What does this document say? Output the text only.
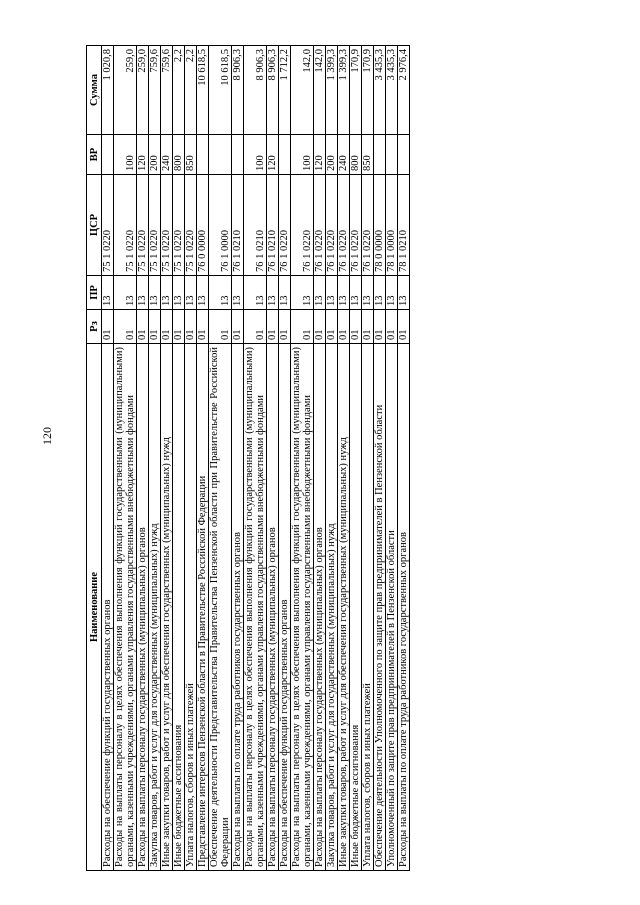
120
Наименование	Рз	ПР	ЦСР	ВР	Сумма
Расходы на обеспечение функций государственных органов	01	13	75 1 0220		1 020,8
Расходы на выплаты персоналу в целях обеспечения выполнения функций государственными (муниципальными) органами, казенными учреждениями, органами управления государственными внебюджетными фондами	01	13	75 1 0220	100	259,0
Расходы на выплаты персоналу государственных (муниципальных) органов	01	13	75 1 0220	120	259,0
Закупка товаров, работ и услуг для государственных (муниципальных) нужд	01	13	75 1 0220	200	759,6
Иные закупки товаров, работ и услуг для обеспечения государственных (муниципальных) нужд	01	13	75 1 0220	240	759,6
Иные бюджетные ассигнования	01	13	75 1 0220	800	2,2
Уплата налогов, сборов и иных платежей	01	13	75 1 0220	850	2,2
Представление интересов Пензенской области в Правительстве Российской Федерации	01	13	76 0 0000		10 618,5
Обеспечение деятельности Представительства Правительства Пензенской области при Правительстве Российской Федерации	01	13	76 1 0000		10 618,5
Расходы на выплаты по оплате труда работников государственных органов	01	13	76 1 0210		8 906,3
Расходы на выплаты персоналу в целях обеспечения выполнения функций государственными (муниципальными) органами, казенными учреждениями, органами управления государственными внебюджетными фондами	01	13	76 1 0210	100	8 906,3
Расходы на выплаты персоналу государственных (муниципальных) органов	01	13	76 1 0210	120	8 906,3
Расходы на обеспечение функций государственных органов	01	13	76 1 0220		1 712,2
Расходы на выплаты персоналу в целях обеспечения выполнения функций государственными (муниципальными) органами, казенными учреждениями, органами управления государственными внебюджетными фондами	01	13	76 1 0220	100	142,0
Расходы на выплаты персоналу государственных (муниципальных) органов	01	13	76 1 0220	120	142,0
Закупка товаров, работ и услуг для государственных (муниципальных) нужд	01	13	76 1 0220	200	1 399,3
Иные закупки товаров, работ и услуг для обеспечения государственных (муниципальных) нужд	01	13	76 1 0220	240	1 399,3
Иные бюджетные ассигнования	01	13	76 1 0220	800	170,9
Уплата налогов, сборов и иных платежей	01	13	76 1 0220	850	170,9
Обеспечение деятельности Уполномоченного по защите прав предпринимателей в Пензенской области	01	13	78 0 0000		3 435,3
Уполномоченный по защите прав предпринимателей в Пензенской области	01	13	78 1 0000		3 435,3
Расходы на выплаты по оплате труда работников государственных органов	01	13	78 1 0210		2 976,4
